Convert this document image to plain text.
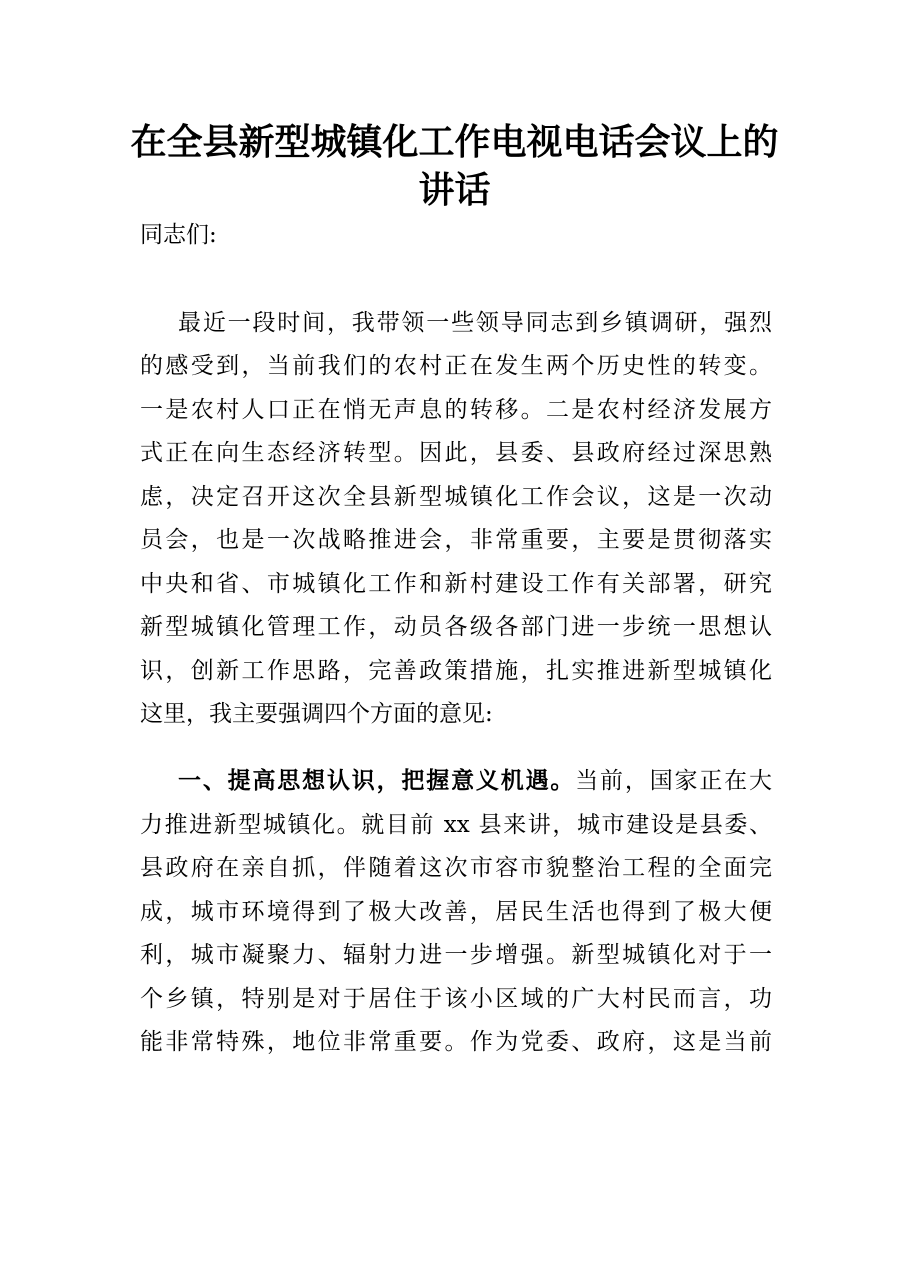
在全县新型城镇化工作电视电话会议上的
讲话
同志们:
最近一段时间，我带领一些领导同志到乡镇调研，强烈
的感受到，当前我们的农村正在发生两个历史性的转变。
一是农村人口正在悄无声息的转移。二是农村经济发展方
式正在向生态经济转型。因此，县委、县政府经过深思熟
虑，决定召开这次全县新型城镇化工作会议，这是一次动
员会，也是一次战略推进会，非常重要，主要是贯彻落实
中央和省、市城镇化工作和新村建设工作有关部署，研究
新型城镇化管理工作，动员各级各部门进一步统一思想认
识，创新工作思路，完善政策措施，扎实推进新型城镇化
这里，我主要强调四个方面的意见:
一、提高思想认识，把握意义机遇。当前，国家正在大
力推进新型城镇化。就目前 xx 县来讲，城市建设是县委、
县政府在亲自抓，伴随着这次市容市貌整治工程的全面完
成，城市环境得到了极大改善，居民生活也得到了极大便
利，城市凝聚力、辐射力进一步增强。新型城镇化对于一
个乡镇，特别是对于居住于该小区域的广大村民而言，功
能非常特殊，地位非常重要。作为党委、政府，这是当前
